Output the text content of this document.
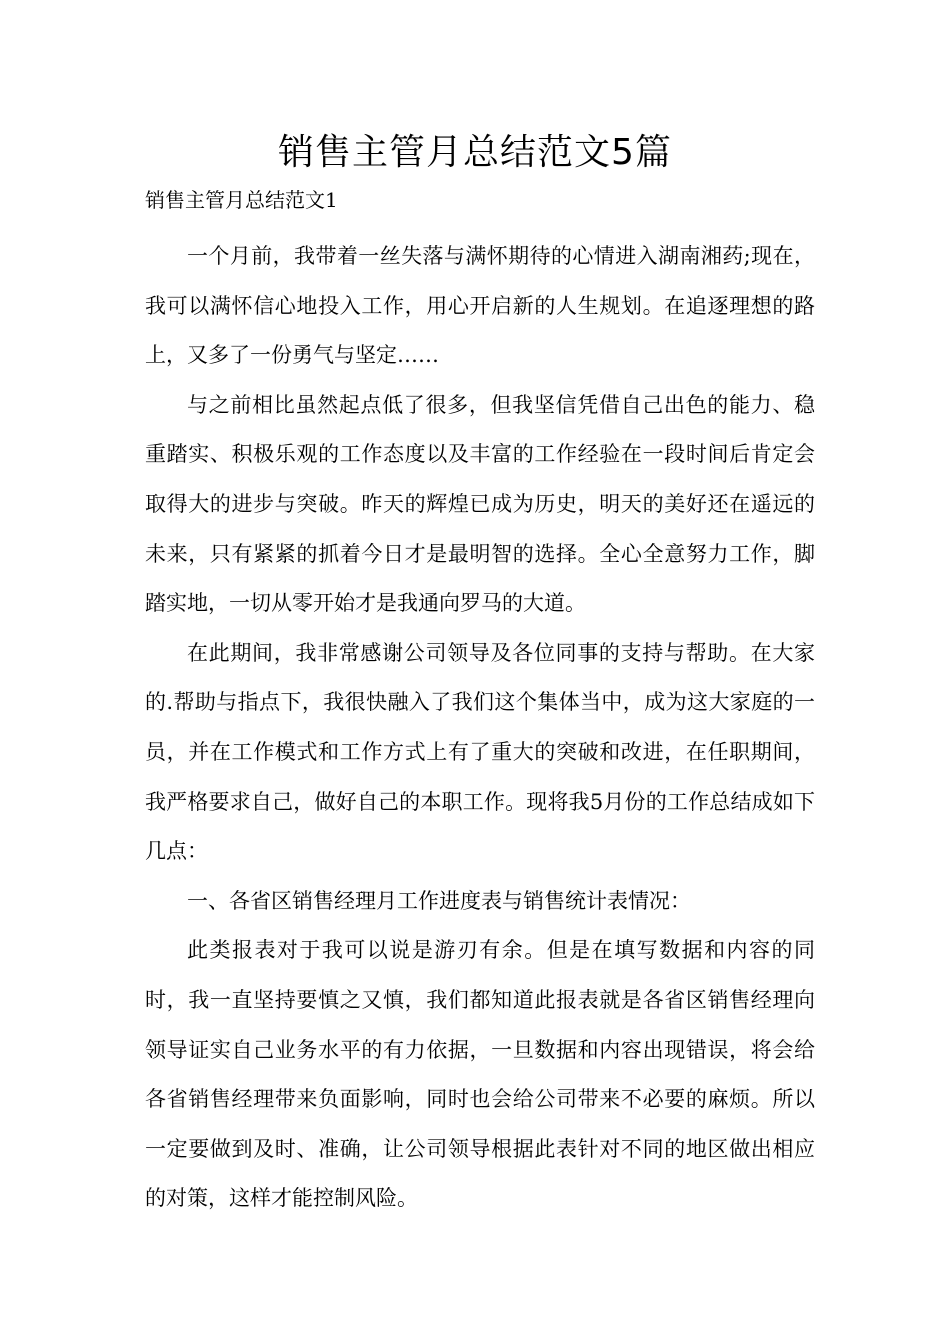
销售主管月总结范文5篇
销售主管月总结范文1

一个月前，我带着一丝失落与满怀期待的心情进入湖南湘药;现在，我可以满怀信心地投入工作，用心开启新的人生规划。在追逐理想的路上，又多了一份勇气与坚定……

与之前相比虽然起点低了很多，但我坚信凭借自己出色的能力、稳重踏实、积极乐观的工作态度以及丰富的工作经验在一段时间后肯定会取得大的进步与突破。昨天的辉煌已成为历史，明天的美好还在遥远的未来，只有紧紧的抓着今日才是最明智的选择。全心全意努力工作，脚踏实地，一切从零开始才是我通向罗马的大道。

在此期间，我非常感谢公司领导及各位同事的支持与帮助。在大家的.帮助与指点下，我很快融入了我们这个集体当中，成为这大家庭的一员，并在工作模式和工作方式上有了重大的突破和改进，在任职期间，我严格要求自己，做好自己的本职工作。现将我5月份的工作总结成如下几点：

一、各省区销售经理月工作进度表与销售统计表情况：

此类报表对于我可以说是游刃有余。但是在填写数据和内容的同时，我一直坚持要慎之又慎，我们都知道此报表就是各省区销售经理向领导证实自己业务水平的有力依据，一旦数据和内容出现错误，将会给各省销售经理带来负面影响，同时也会给公司带来不必要的麻烦。所以一定要做到及时、准确，让公司领导根据此表针对不同的地区做出相应的对策，这样才能控制风险。
